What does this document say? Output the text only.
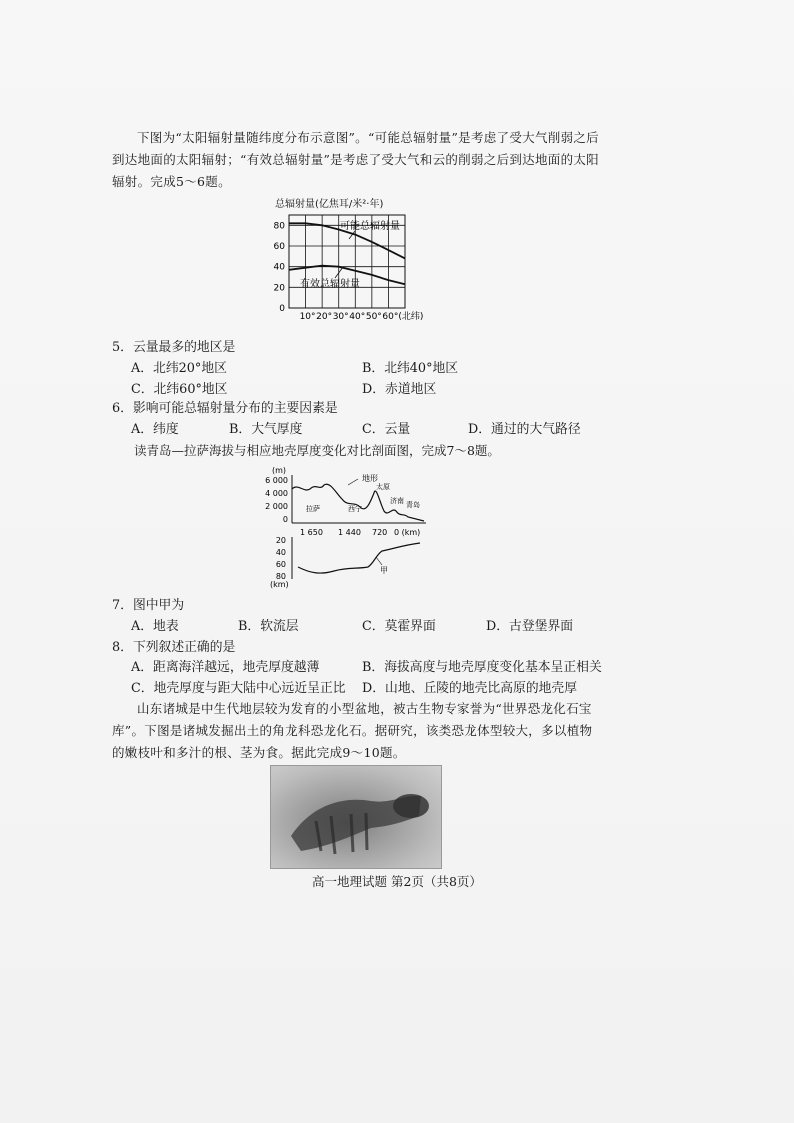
下图为“太阳辐射量随纬度分布示意图”。“可能总辐射量”是考虑了受大气削弱之后到达地面的太阳辐射；“有效总辐射量”是考虑了受大气和云的削弱之后到达地面的太阳辐射。完成5～6题。
总辐射量(亿焦耳/米²·年)
80
60
40
20
0
10° 20° 30° 40° 50° 60°(北纬)
可能总辐射量
有效总辐射量
5．云量最多的地区是
A．北纬20°地区	B．北纬40°地区
C．北纬60°地区	D．赤道地区
6．影响可能总辐射量分布的主要因素是
A．纬度	B．大气厚度	C．云量	D．通过的大气路径
读青岛—拉萨海拔与相应地壳厚度变化对比剖面图，完成7～8题。
(m)
6 000
4 000
2 000
0
地形
拉萨	西宁
太原
济南 青岛
1 650 1 440 720 0 (km)
20
40
60
80
(km)
甲
7．图中甲为
A．地表	B．软流层	C．莫霍界面	D．古登堡界面
8．下列叙述正确的是
A．距离海洋越远，地壳厚度越薄	B．海拔高度与地壳厚度变化基本呈正相关
C．地壳厚度与距大陆中心远近呈正比 D．山地、丘陵的地壳比高原的地壳厚
山东诸城是中生代地层较为发育的小型盆地，被古生物专家誉为“世界恐龙化石宝库”。下图是诸城发掘出土的角龙科恐龙化石。据研究，该类恐龙体型较大，多以植物的嫩枝叶和多汁的根、茎为食。据此完成9～10题。
高一地理试题 第2页（共8页）
